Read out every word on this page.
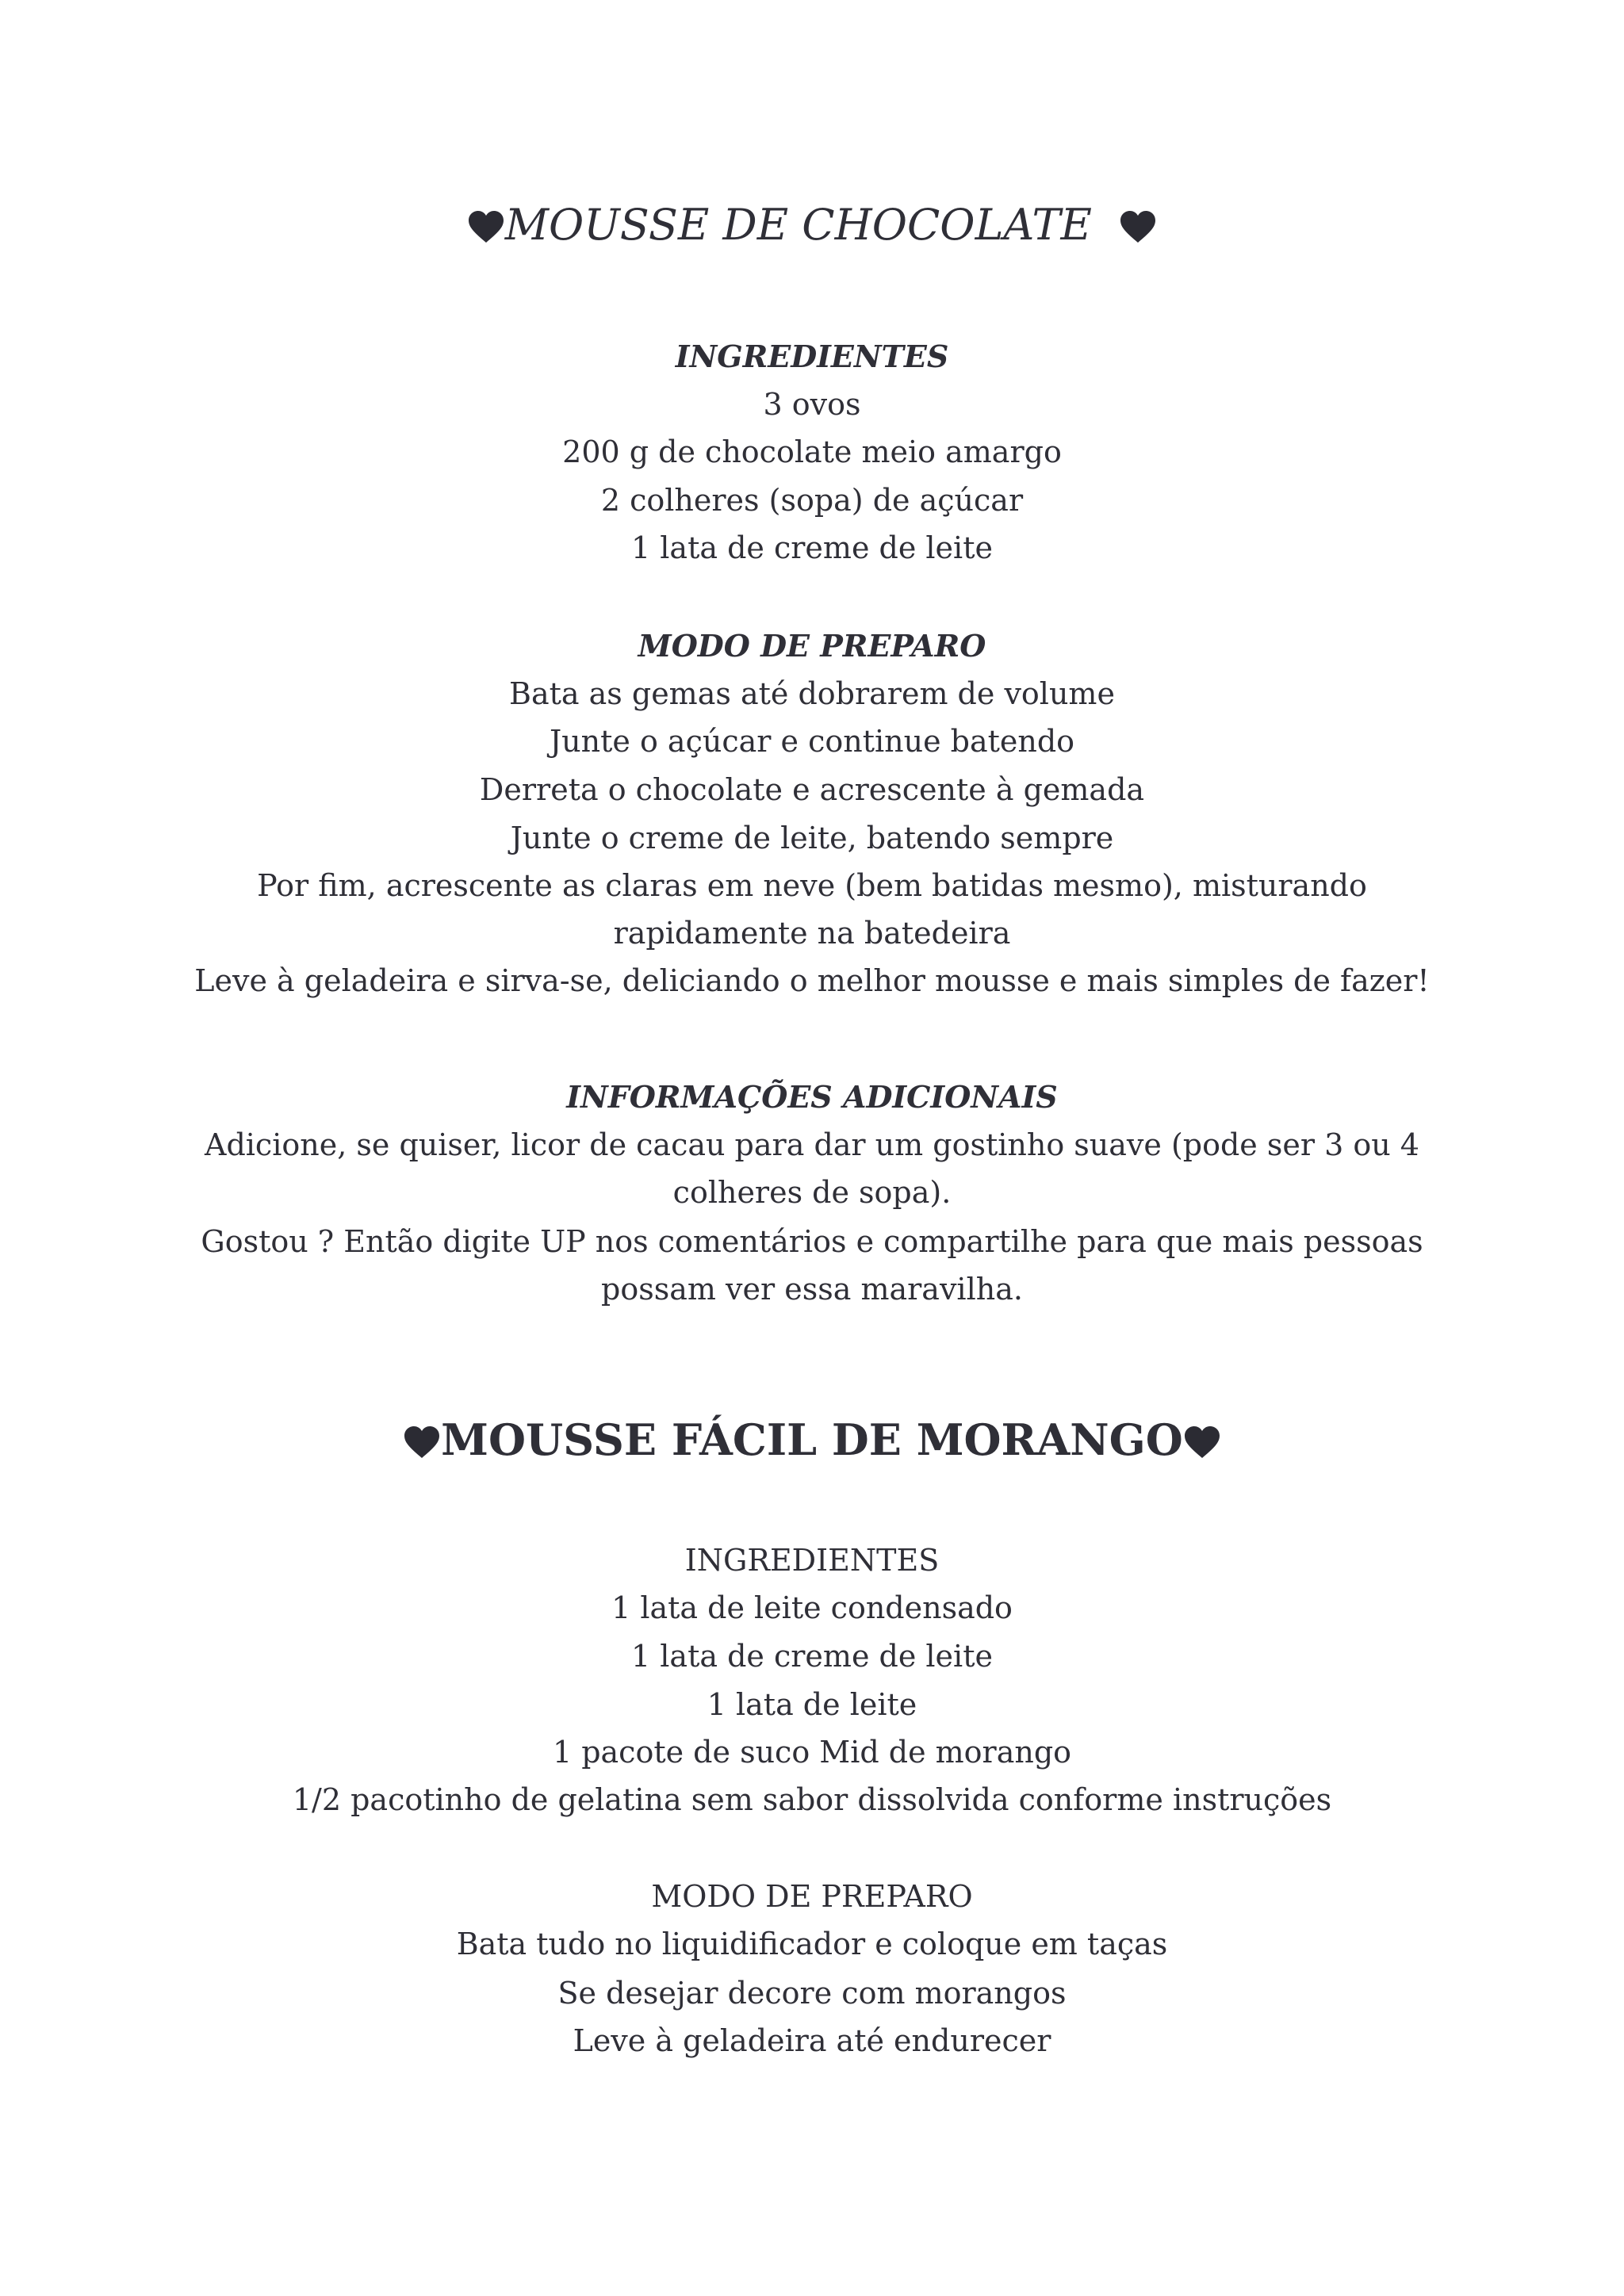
MOUSSE DE CHOCOLATE
INGREDIENTES
3 ovos
200 g de chocolate meio amargo
2 colheres (sopa) de açúcar
1 lata de creme de leite
MODO DE PREPARO
Bata as gemas até dobrarem de volume
Junte o açúcar e continue batendo
Derreta o chocolate e acrescente à gemada
Junte o creme de leite, batendo sempre
Por fim, acrescente as claras em neve (bem batidas mesmo), misturando
rapidamente na batedeira
Leve à geladeira e sirva-se, deliciando o melhor mousse e mais simples de fazer!
INFORMAÇÕES ADICIONAIS
Adicione, se quiser, licor de cacau para dar um gostinho suave (pode ser 3 ou 4
colheres de sopa).
Gostou ? Então digite UP nos comentários e compartilhe para que mais pessoas
possam ver essa maravilha.
MOUSSE FÁCIL DE MORANGO
INGREDIENTES
1 lata de leite condensado
1 lata de creme de leite
1 lata de leite
1 pacote de suco Mid de morango
1/2 pacotinho de gelatina sem sabor dissolvida conforme instruções
MODO DE PREPARO
Bata tudo no liquidificador e coloque em taças
Se desejar decore com morangos
Leve à geladeira até endurecer
